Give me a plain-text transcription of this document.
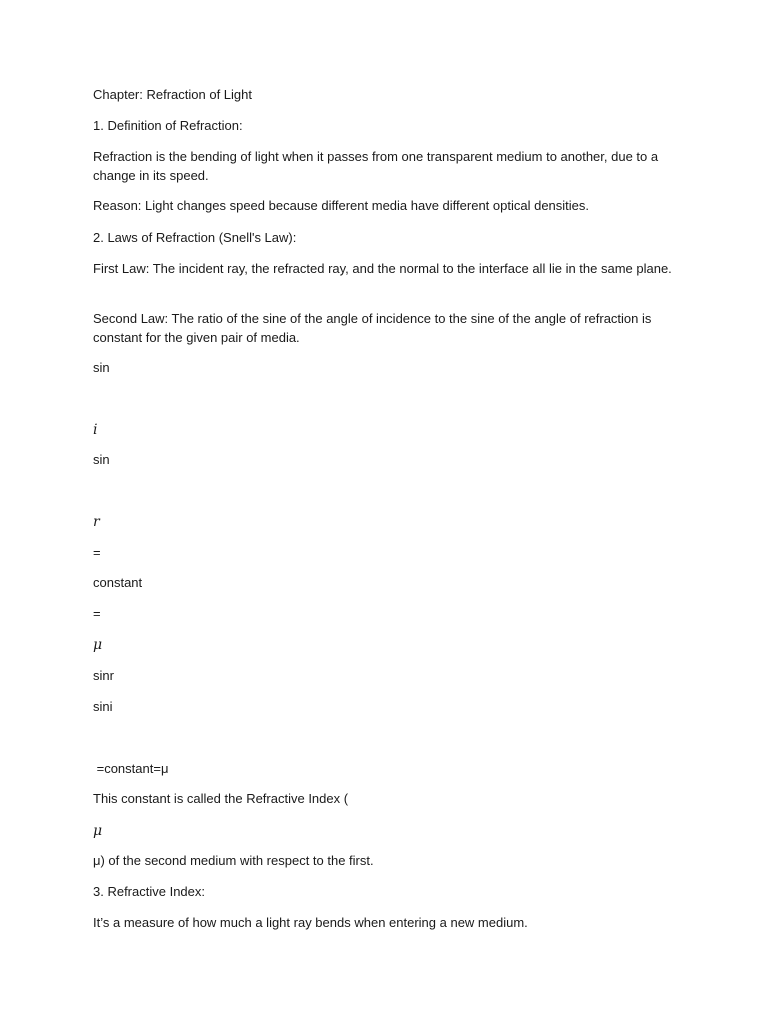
Chapter: Refraction of Light

1. Definition of Refraction:

Refraction is the bending of light when it passes from one transparent medium to another, due to a change in its speed.

Reason: Light changes speed because different media have different optical densities.

2. Laws of Refraction (Snell's Law):

First Law: The incident ray, the refracted ray, and the normal to the interface all lie in the same plane.

Second Law: The ratio of the sine of the angle of incidence to the sine of the angle of refraction is constant for the given pair of media.

sin

i

sin

r

=

constant

=

μ

sinr

sini

=constant=μ

This constant is called the Refractive Index (

μ

μ) of the second medium with respect to the first.

3. Refractive Index:

It’s a measure of how much a light ray bends when entering a new medium.
